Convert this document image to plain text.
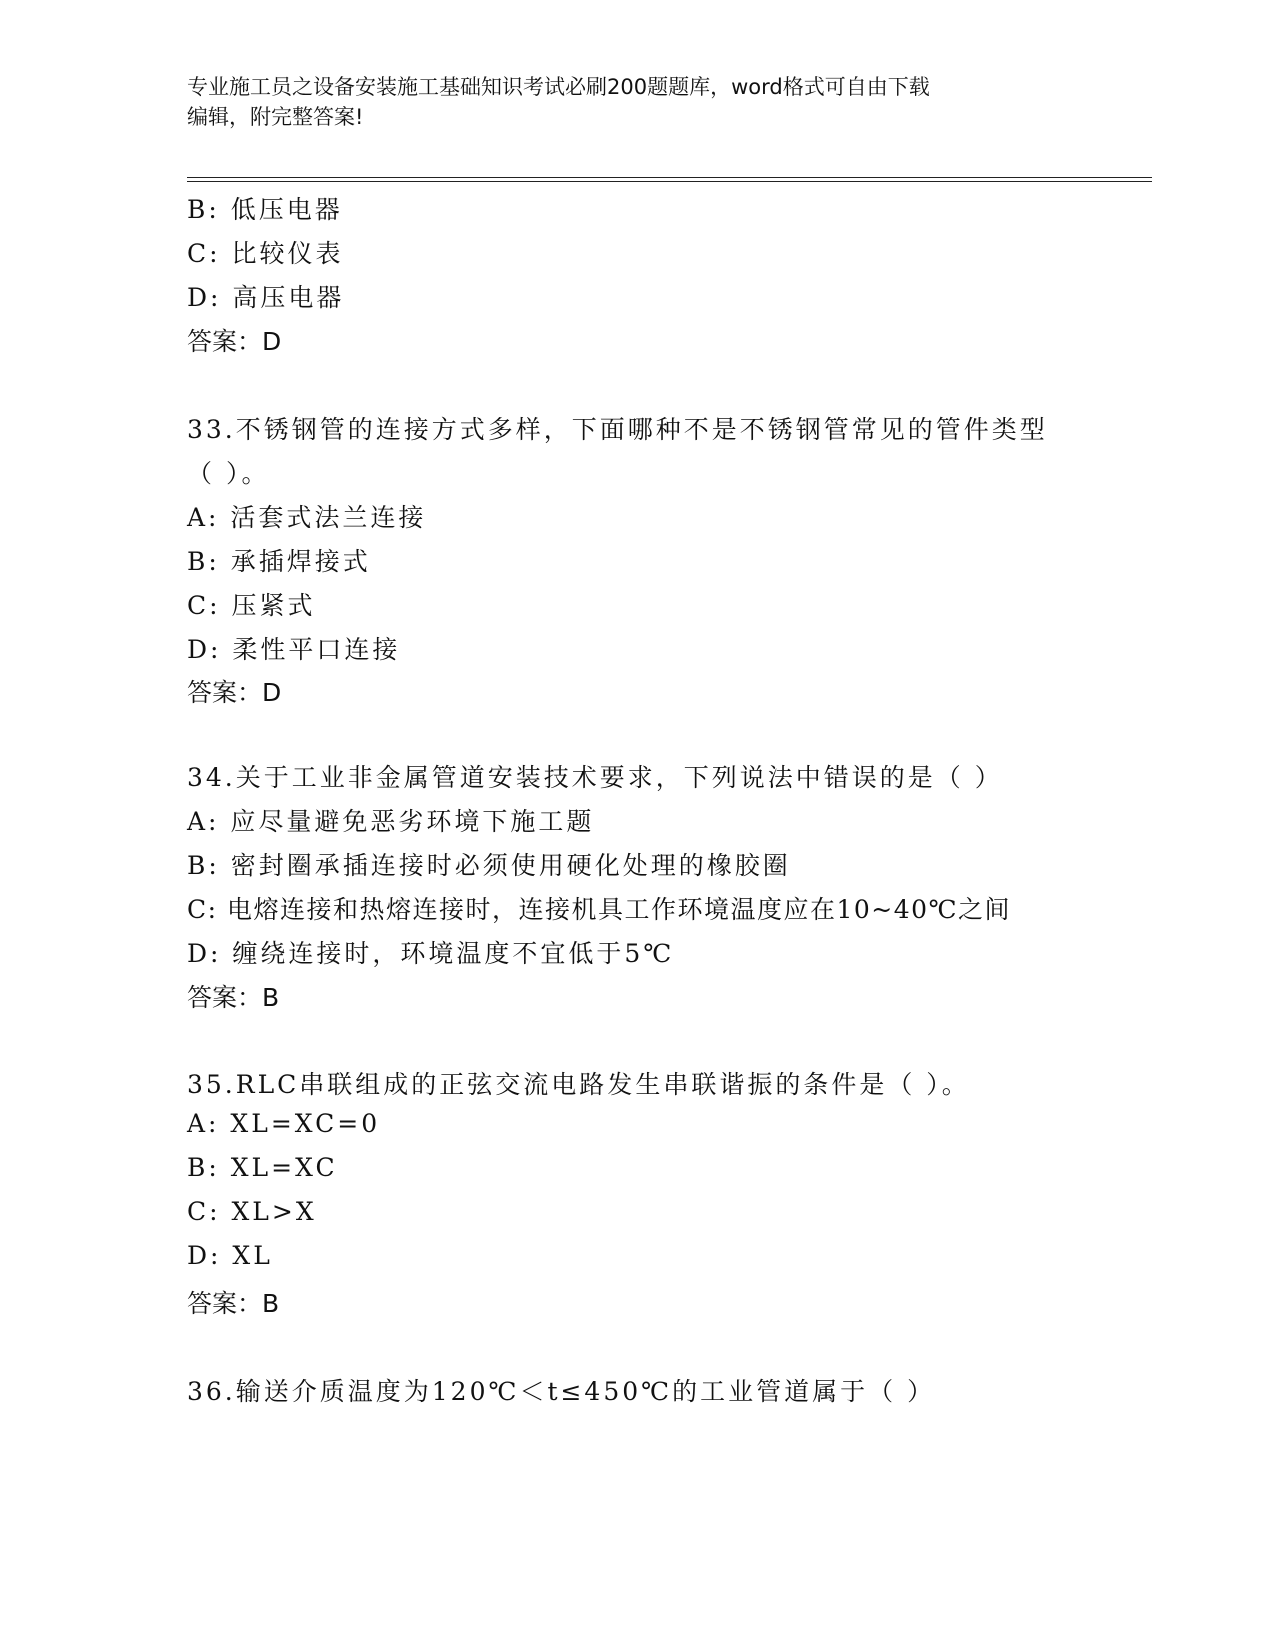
专业施工员之设备安装施工基础知识考试必刷200题题库，word格式可自由下载
编辑，附完整答案!
B: 低压电器
C: 比较仪表
D: 高压电器
答案：D
33.不锈钢管的连接方式多样，下面哪种不是不锈钢管常见的管件类型
（ ）。
A: 活套式法兰连接
B: 承插焊接式
C: 压紧式
D: 柔性平口连接
答案：D
34.关于工业非金属管道安装技术要求，下列说法中错误的是（ ）
A: 应尽量避免恶劣环境下施工题
B: 密封圈承插连接时必须使用硬化处理的橡胶圈
C: 电熔连接和热熔连接时，连接机具工作环境温度应在10~40℃之间
D: 缠绕连接时，环境温度不宜低于5℃
答案：B
35.RLC串联组成的正弦交流电路发生串联谐振的条件是（ ）。
A: XL=XC=0
B: XL=XC
C: XL>X
D: XL
答案：B
36.输送介质温度为120℃＜t≤450℃的工业管道属于（ ）
